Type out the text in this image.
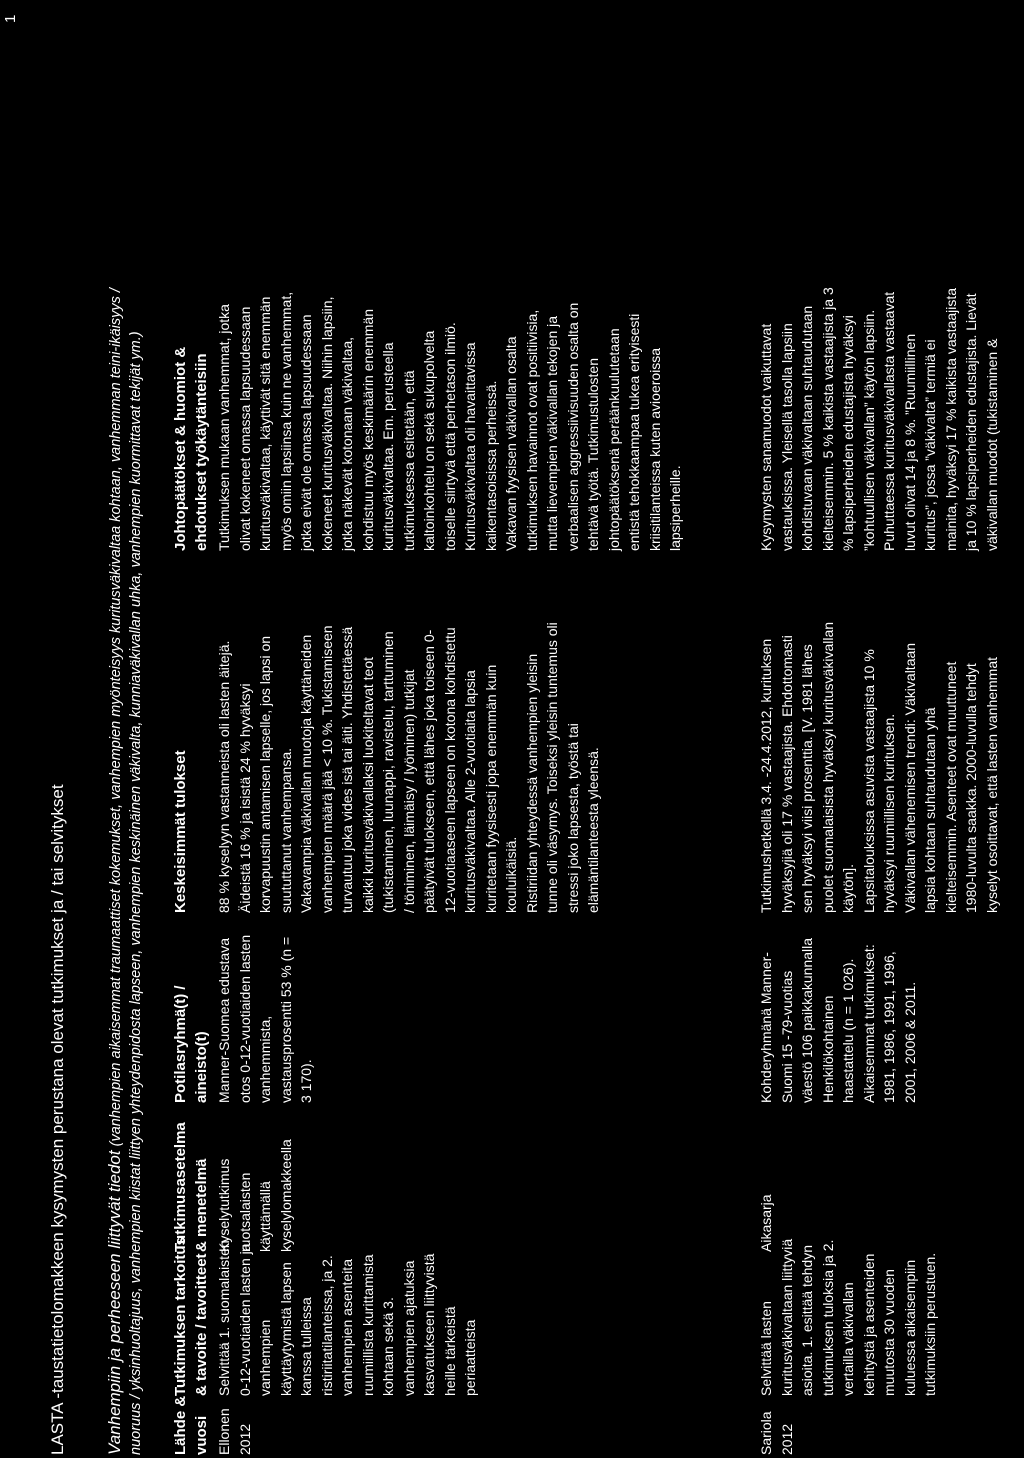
1
LASTA -taustatietolomakkeen kysymysten perustana olevat tutkimukset ja / tai selvitykset Vanhempiin ja perheeseen liittyvät tiedot (vanhempien aikaisemmat traumaattiset kokemukset, vanhempien myönteisyys kuritusväkivaltaa kohtaan, vanhemman teini-ikäisyys / nuoruus / yksinhuoltajuus, vanhempien kiistat liittyen yhteydenpidosta lapseen, vanhempien keskinäinen väkivalta, kunniaväkivallan uhka, vanhempien kuormittavat tekijät ym.) Lähde & vuosi
Tutkimuksen tarkoitus & tavoite / tavoitteet
Tutkimusasetelma & menetelmä
Potilasryhmä(t) / aineisto(t)
Keskeisimmät tulokset
Johtopäätökset & huomiot & ehdotukset työkäytänteisiin
Ellonen 2012
Selvittää 1. suomalaisten 0-12-vuotiaiden lasten ja vanhempien käyttäytymistä lapsen kanssa tulleissa ristiriitatilanteissa, ja 2. vanhempien asenteita ruumiillista kurittamista kohtaan sekä 3. vanhempien ajatuksia kasvatukseen liittyvistä heille tärkeistä periaatteista
Kyselytutkimus ruotsalaisten käyttämällä kyselylomakkeella
Manner-Suomea edustava otos 0-12-vuotiaiden lasten vanhemmista, vastausprosentti 53 % (n = 3 170).
88 % kyselyyn vastanneista oli lasten äitejä. Äideistä 16 % ja isistä 24 % hyväksyi korvapuustin antamisen lapselle, jos lapsi on suututtanut vanhempansa. Vakavampia väkivallan muotoja käyttäneiden vanhempien määrä jää < 10 %. Tukistamiseen turvautuu joka vides isä tai äiti. Yhdistettäessä kaikki kuritusväkivallaksi luokiteltavat teot (tukistaminen, luunappi, ravistelu, tarttuminen / töniminen, läimäisy / lyöminen) tutkijat päätyivät tulokseen, että lähes joka toiseen 0- 12-vuotiaaseen lapseen on kotona kohdistettu kuritusväkivaltaa. Alle 2-vuotiaita lapsia kuritetaan fyysisesti jopa enemmän kuin kouluikäisiä. Ristiriidan yhteydessä vanhempien yleisin tunne oli väsymys. Toiseksi yleisin tuntemus oli stressi joko lapsesta, työstä tai elämäntilanteesta yleensä.
Tutkimuksen mukaan vanhemmat, jotka olivat kokeneet omassa lapsuudessaan kuritusväkivaltaa, käyttivät sitä enemmän myös omiin lapsiinsa kuin ne vanhemmat, jotka eivät ole omassa lapsuudessaan kokeneet kuritusväkivaltaa. Niihin lapsiin, jotka näkevät kotonaan väkivaltaa, kohdistuu myös keskimäärin enemmän kuritusväkivaltaa. Em. perusteella tutkimuksessa esitetään, että kaltoinkohtelu on sekä sukupolvelta toiselle siirtyvä että perhetason ilmiö. Kuritusväkivaltaa oli havaittavissa kaikentasoisissa perheissä. Vakavan fyysisen väkivallan osalta tutkimuksen havainnot ovat positiivisia, mutta lievempien väkivallan tekojen ja verbaalisen aggressiivisuuden osalta on tehtävä työtä. Tutkimustulosten johtopäätöksenä peräänkuulutetaan entistä tehokkaampaa tukea erityisesti kriisitilanteissa kuten avioeroissa lapsiperheille.
Sariola 2012
Selvittää lasten kuritusväkivaltaan liittyviä asioita. 1. esittää tehdyn tutkimuksen tuloksia ja 2. vertailla väkivallan kehitystä ja asenteiden muutosta 30 vuoden kuluessa aikaisempiin tutkimuksiin perustuen.
Aikasarja
Kohderyhmänä Manner- Suomi 15 -79-vuotias väestö 106 paikkakunnalla Henkilökohtainen haastattelu (n = 1 026). Aikaisemmat tutkimukset: 1981, 1986, 1991, 1996, 2001, 2006 & 2011.
Tutkimushetkellä 3.4. -24.4.2012, kurituksen hyväksyjiä oli 17 % vastaajista. Ehdottomasti sen hyväksyi viisi prosenttia. [V. 1981 lähes puolet suomalaisista hyväksyi kuritusväkivallan käytön]. Lapsitalouksissa asuvista vastaajista 10 % hyväksyi ruumiillisen kurituksen. Väkivallan vähenemisen trendi: Väkivaltaan lapsia kohtaan suhtaudutaan yhä kielteisemmin. Asenteet ovat muuttuneet 1980-luvulta saakka. 2000-luvulla tehdyt kyselyt osoittavat, että lasten vanhemmat
Kysymysten sanamuodot vaikuttavat vastauksissa. Yleisellä tasolla lapsiin kohdistuvaan väkivaltaan suhtaudutaan kielteisemmin. 5 % kaikista vastaajista ja 3 % lapsiperheiden edustajista hyväksyi ”kohtuullisen väkivallan” käytön lapsiin. Puhuttaessa kuritusväkivallasta vastaavat luvut olivat 14 ja 8 %. ”Ruumiillinen kuritus”, jossa ”väkivalta” termiä ei mainita, hyväksyi 17 % kaikista vastaajista ja 10 % lapsiperheiden edustajista. Lievät väkivallan muodot (tukistaminen &
